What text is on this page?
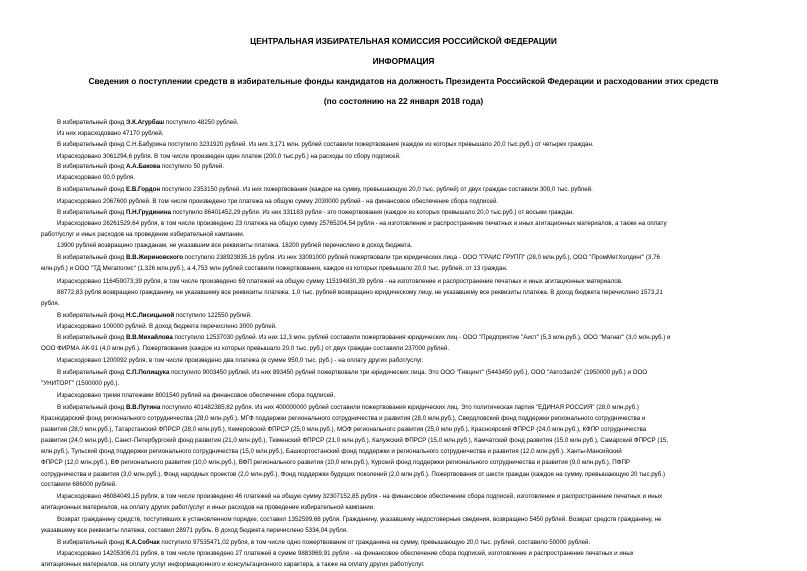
ЦЕНТРАЛЬНАЯ ИЗБИРАТЕЛЬНАЯ КОМИССИЯ РОССИЙСКОЙ ФЕДЕРАЦИИ
ИНФОРМАЦИЯ
Сведения о поступлении средств в избирательные фонды кандидатов на должность Президента Российской Федерации и расходовании этих средств
(по состоянию на 22 января 2018 года)
В избирательный фонд Э.К.Агурбаш поступило 48250 рублей.
Из них израсходовано 47170 рублей.
В избирательный фонд С.Н.Бабурина поступило 3231920 рублей. Из них 3,171 млн. рублей составили пожертвования (каждое из которых превышало 20,0 тыс.руб.) от четырех граждан.
Израсходовано 3061294,6 рубля. В том числе произведен один платеж (200,0 тыс.руб.) на расходы по сбору подписей.
В избирательный фонд А.А.Бакова поступило 50 рублей.
Израсходовано 00,0 рубля.
В избирательный фонд Е.В.Гордон поступило 2353150 рублей. Из них пожертвования (каждое на сумму, превышающую 20,0 тыс. рублей) от двух граждан составили 300,0 тыс. рублей.
Израсходовано 2067600 рублей. В том числе произведено три платежа на общую сумму 2030000 рублей - на финансовое обеспечение сбора подписей.
В избирательный фонд П.Н.Грудинина поступило 86401452,29 рубля. Из них 331183 рубля - это пожертвования (каждое из которых превышало 20,0 тыс.руб.) от восьми граждан.
Израсходовано 26261529,64 рубля, в том числе произведено 23 платежа на общую сумму 25765204,54 рубля - на изготовление и распространение печатных и иных агитационных материалов, а также на оплату
работ/услуг и иных расходов на проведение избирательной кампании.
13900 рублей возвращено гражданам, не указавшим все реквизиты платежа. 18200 рублей перечислено в доход бюджета.
В избирательный фонд В.В.Жириновского поступило 238923835,16 рубля. Из них 33091000 рублей пожертвовали три юридических лица - ООО "ГРАЙС ГРУПП" (28,0 млн.руб.), ООО "ПромМетХолдинг" (3,76
млн.руб.) и ООО "ТД Мегаполис" (1,326 млн.руб.), а 4,753 млн рублей составили пожертвования, каждое из которых превышало 20,0 тыс. рублей, от 13 граждан.
Израсходовано 116459073,39 рубля, в том числе произведено 69 платежей на общую сумму 115194830,39 рубля - на изготовление и распространение печатных и иных агитационных материалов.
88772,83 рубля возвращено гражданину, не указавшему все реквизиты платежа. 1,0 тыс. рублей возвращено юридическому лицу, не указавшему все реквизиты платежа. В доход бюджета перечислено 1573,21
рубля.
В избирательный фонд Н.С.Лисицыной поступило 122550 рублей.
Израсходовано 100000 рублей. В доход бюджета перечислено 3000 рублей.
В избирательный фонд В.В.Михайлова поступило 12537030 рублей. Из них 12,3 млн. рублей составили пожертвования юридических лиц - ООО "Предприятие "Аист" (5,3 млн.руб.), ООО "Магнат" (3,0 млн.руб.) и
ООО ФИРМА АК-91 (4,0 млн.руб.). Пожертвования (каждое из которых превышало 20,0 тыс. руб.) от двух граждан составили 237000 рублей.
Израсходовано 1200092 рубля, в том числе произведено два платежа (в сумме 950,0 тыс. руб.) - на оплату других работ/услуг.
В избирательный фонд С.П.Полищука поступило 9003450 рублей. Из них 893450 рублей пожертвовали три юридических лица. Это ООО "Гивцинт" (5443450 руб.), ООО "АвтоЗап24" (1950000 руб.) и ООО
"УНИТОРГ" (1500000 руб.).
Израсходовано тремя платежами 8001540 рублей на финансовое обеспечение сбора подписей.
В избирательный фонд В.В.Путина поступило 401482385,82 рубля. Из них 400000000 рублей составили пожертвования юридических лиц. Это политическая партия "ЕДИНАЯ РОССИЯ" (28,0 млн.руб.)
Краснодарский фонд регионального сотрудничества (28,0 млн.руб.), МГФ поддержки регионального сотрудничества и развития (28,0 млн.руб.), Свердловский фонд поддержки регионального сотрудничества и
развития (28,0 млн.руб.), Татарстанский ФПРСР (28,0 млн.руб.), Кемеровский ФПРСР (25,0 млн.руб.), МОФ регионального развития (25,0 млн руб.), Красноярский ФПРСР (24,0 млн.руб.), КФПР сотрудничества
развития (24,0 млн.руб.), Санкт-Петербургский фонд развития (21,0 млн.руб.), Тюменский ФПРСР (21,0 млн.руб.), Калужский ФПРСР (15,0 млн.руб.), Камчатский фонд развития (15,0 млн.руб.), Самарский ФПРСР (15,
млн.руб.), Тульский фонд поддержки регионального сотрудничества (15,0 млн.руб.), Башкортостанский фонд поддержки и регионального сотрудничества и развития (12,0 млн.руб.), Ханты-Мансийский
ФПРСР (12,0 млн.руб.), ВФ регионального развития (10,0 млн.руб.), ВФП регионального развития (10,0 млн.руб.), Курский фонд поддержки регионального сотрудничества и развития (9,0 млн.руб.), ПФПР
сотрудничества и развития (3,0 млн.руб.), Фонд народных проектов (2,0 млн.руб.), Фонд поддержки будущих поколений (2,0 млн.руб.). Пожертвования от шести граждан (каждое на сумму, превышающую 20 тыс.руб.)
составили 686000 рублей.
Израсходовано 46084049,15 рубля, в том числе произведено 46 платежей на общую сумму 32307152,85 рубля - на финансовое обеспечение сбора подписей, изготовление и распространение печатных и иных
агитационных материалов, на оплату других работ/услуг и иных расходов на проведение избирательной кампании.
Возврат гражданину средств, поступивших в установленном порядке, составил 1352599,68 рубля. Гражданину, указавшему недостоверные сведения, возвращено 5450 рублей. Возврат средств гражданину, не
указавшему все реквизиты платежа, составил 28971 рубль. В доход бюджета перечислено 5334,04 рубля.
В избирательный фонд К.А.Собчак поступило 97535471,02 рубля, в том числе одно пожертвование от гражданина на сумму, превышающую 20,0 тыс. рублей, составило 50000 рублей.
Израсходовано 14205306,01 рубля, в том числе произведено 27 платежей в сумме 9883969,91 рубля - на финансовое обеспечение сбора подписей, изготовление и распространение печатных и иных
агитационных материалов, на оплату услуг информационного и консультационного характера, а также на оплату других работ/услуг.
